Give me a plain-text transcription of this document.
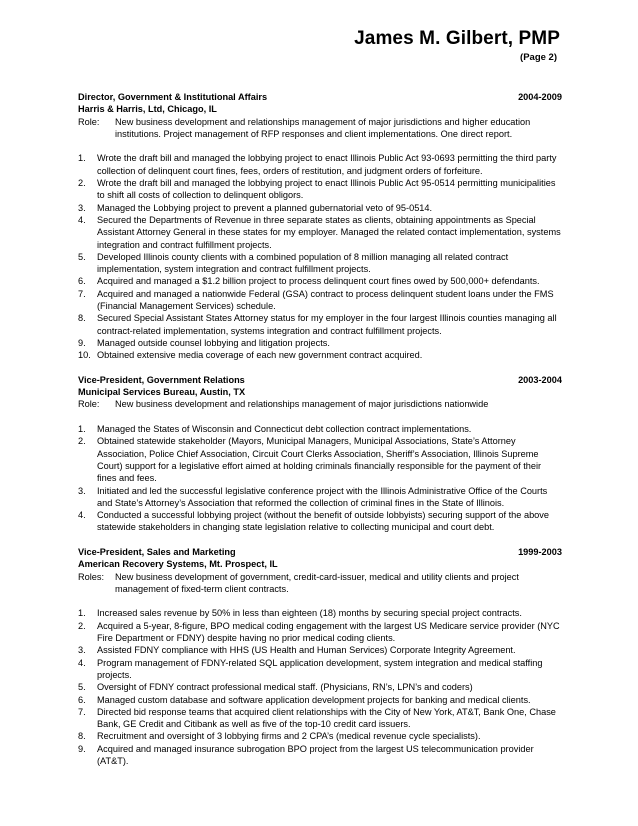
James M. Gilbert, PMP
(Page 2)
Director, Government & Institutional Affairs	2004-2009
Harris & Harris, Ltd, Chicago, IL
Role:	New business development and relationships management of major jurisdictions and higher education institutions. Project management of RFP responses and client implementations. One direct report.
1.	Wrote the draft bill and managed the lobbying project to enact Illinois Public Act 93-0693 permitting the third party collection of delinquent court fines, fees, orders of restitution, and judgment orders of forfeiture.
2.	Wrote the draft bill and managed the lobbying project to enact Illinois Public Act 95-0514 permitting municipalities to shift all costs of collection to delinquent obligors.
3.	Managed the Lobbying project to prevent a planned gubernatorial veto of 95-0514.
4.	Secured the Departments of Revenue in three separate states as clients, obtaining appointments as Special Assistant Attorney General in these states for my employer. Managed the related contact implementation, systems integration and contract fulfillment projects.
5.	Developed Illinois county clients with a combined population of 8 million managing all related contract implementation, system integration and contract fulfillment projects.
6.	Acquired and managed a $1.2 billion project to process delinquent court fines owed by 500,000+ defendants.
7.	Acquired and managed a nationwide Federal (GSA) contract to process delinquent student loans under the FMS (Financial Management Services) schedule.
8.	Secured Special Assistant States Attorney status for my employer in the four largest Illinois counties managing all contract-related implementation, systems integration and contract fulfillment projects.
9.	Managed outside counsel lobbying and litigation projects.
10. Obtained extensive media coverage of each new government contract acquired.
Vice-President, Government Relations	2003-2004
Municipal Services Bureau, Austin, TX
Role:	New business development and relationships management of major jurisdictions nationwide
1.	Managed the States of Wisconsin and Connecticut debt collection contract implementations.
2.	Obtained statewide stakeholder (Mayors, Municipal Managers, Municipal Associations, State’s Attorney Association, Police Chief Association, Circuit Court Clerks Association, Sheriff’s Association, Illinois Supreme Court) support for a legislative effort aimed at holding criminals financially responsible for the payment of their fines and fees.
3.	Initiated and led the successful legislative conference project with the Illinois Administrative Office of the Courts and State’s Attorney’s Association that reformed the collection of criminal fines in the State of Illinois.
4.	Conducted a successful lobbying project (without the benefit of outside lobbyists) securing support of the above statewide stakeholders in changing state legislation relative to collecting municipal and court debt.
Vice-President, Sales and Marketing	1999-2003
American Recovery Systems, Mt. Prospect, IL
Roles:	New business development of government, credit-card-issuer, medical and utility clients and project management of fixed-term client contracts.
1.	Increased sales revenue by 50% in less than eighteen (18) months by securing special project contracts.
2.	Acquired a 5-year, 8-figure, BPO medical coding engagement with the largest US Medicare service provider (NYC Fire Department or FDNY) despite having no prior medical coding clients.
3.	Assisted FDNY compliance with HHS (US Health and Human Services) Corporate Integrity Agreement.
4.	Program management of FDNY-related SQL application development, system integration and medical staffing projects.
5.	Oversight of FDNY contract professional medical staff. (Physicians, RN’s, LPN’s and coders)
6.	Managed custom database and software application development projects for banking and medical clients.
7.	Directed bid response teams that acquired client relationships with the City of New York, AT&T, Bank One, Chase Bank, GE Credit and Citibank as well as five of the top-10 credit card issuers.
8.	Recruitment and oversight of 3 lobbying firms and 2 CPA’s (medical revenue cycle specialists).
9.	Acquired and managed insurance subrogation BPO project from the largest US telecommunication provider (AT&T).
